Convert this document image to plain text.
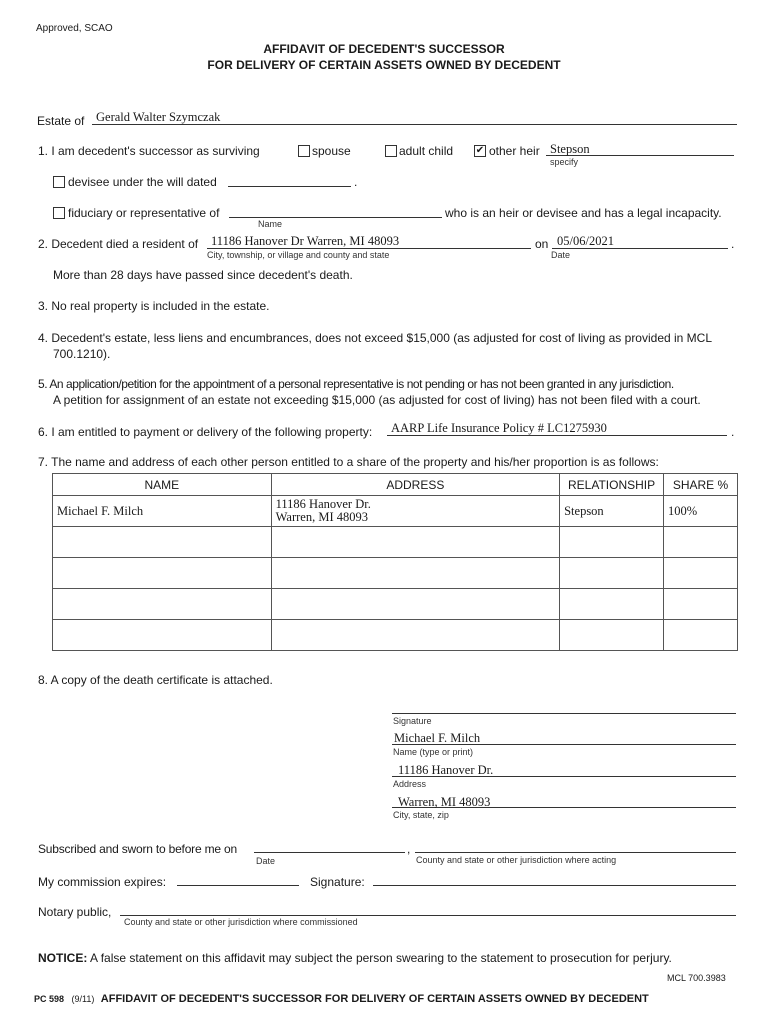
Approved, SCAO
AFFIDAVIT OF DECEDENT'S SUCCESSOR
FOR DELIVERY OF CERTAIN ASSETS OWNED BY DECEDENT
Estate of Gerald Walter Szymczak
1. I am decedent's successor as surviving	spouse	adult child ✔ other heir Stepson
specify
devisee under the will dated	.
fiduciary or representative of	who is an heir or devisee and has a legal incapacity.
Name
2. Decedent died a resident of 11186 Hanover Dr Warren, MI 48093	on 05/06/2021	.
City, township, or village and county and state	Date
More than 28 days have passed since decedent's death.
3. No real property is included in the estate.
4. Decedent's estate, less liens and encumbrances, does not exceed $15,000 (as adjusted for cost of living as provided in MCL
700.1210).
5. An application/petition for the appointment of a personal representative is not pending or has not been granted in any jurisdiction.
A petition for assignment of an estate not exceeding $15,000 (as adjusted for cost of living) has not been filed with a court.
6. I am entitled to payment or delivery of the following property: AARP Life Insurance Policy # LC1275930	.
7. The name and address of each other person entitled to a share of the property and his/her proportion is as follows:
NAME	ADDRESS	RELATIONSHIP	SHARE %

Michael F. Milch	11186 Hanover Dr.
Warren, MI 48093	Stepson	100%

8. A copy of the death certificate is attached.
Signature
Michael F. Milch
Name (type or print)
11186 Hanover Dr.
Address
Warren, MI 48093
City, state, zip
Subscribed and sworn to before me on	,
Date	County and state or other jurisdiction where acting
My commission expires:	Signature:
Notary public,
County and state or other jurisdiction where commissioned
NOTICE: A false statement on this affidavit may subject the person swearing to the statement to prosecution for perjury.
MCL 700.3983
PC 598 (9/11) AFFIDAVIT OF DECEDENT'S SUCCESSOR FOR DELIVERY OF CERTAIN ASSETS OWNED BY DECEDENT
